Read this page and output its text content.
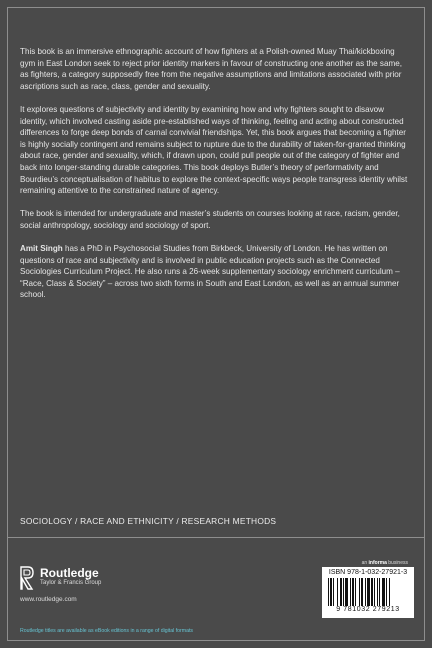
This book is an immersive ethnographic account of how fighters at a Polish-owned Muay Thai/kickboxing gym in East London seek to reject prior identity markers in favour of constructing one another as the same, as fighters, a category supposedly free from the negative assumptions and limitations associated with prior ascriptions such as race, class, gender and sexuality.

It explores questions of subjectivity and identity by examining how and why fighters sought to disavow identity, which involved casting aside pre-established ways of thinking, feeling and acting about constructed differences to forge deep bonds of carnal convivial friendships. Yet, this book argues that becoming a fighter is highly socially contingent and remains subject to rupture due to the durability of taken-for-granted thinking about race, gender and sexuality, which, if drawn upon, could pull people out of the category of fighter and back into longer-standing durable categories. This book deploys Butler’s theory of performativity and Bourdieu’s conceptualisation of habitus to explore the context-specific ways people transgress identity whilst remaining attentive to the constrained nature of agency.

The book is intended for undergraduate and master’s students on courses looking at race, racism, gender, social anthropology, sociology and sociology of sport.

Amit Singh has a PhD in Psychosocial Studies from Birkbeck, University of London. He has written on questions of race and subjectivity and is involved in public education projects such as the Connected Sociologies Curriculum Project. He also runs a 26-week supplementary sociology enrichment curriculum – “Race, Class & Society” – across two sixth forms in South and East London, as well as an annual summer school.

SOCIOLOGY / RACE AND ETHNICITY / RESEARCH METHODS
Routledge
Taylor & Francis Group
www.routledge.com
an informa business
ISBN 978-1-032-27921-3
9 781032 279213
Routledge titles are available as eBook editions in a range of digital formats
